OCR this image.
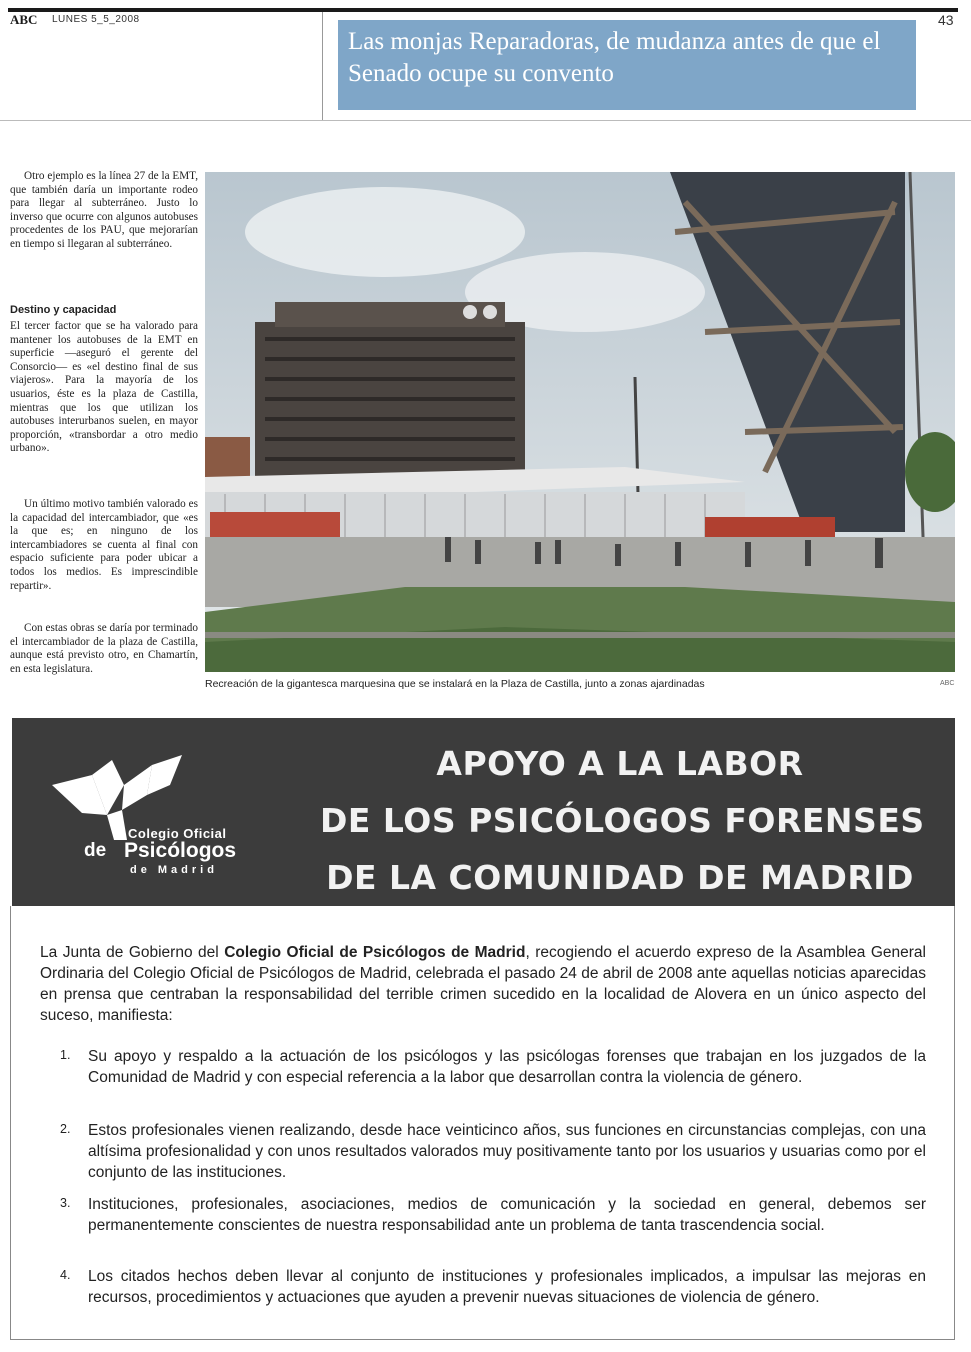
ABC LUNES 5_5_2008	43
Las monjas Reparadoras, de mudanza antes de que el Senado ocupe su convento

Otro ejemplo es la línea 27 de la EMT, que también daría un importante rodeo para llegar al subterráneo. Justo lo inverso que ocurre con algunos autobuses procedentes de los PAU, que mejorarían en tiempo si llegaran al subterráneo.

Destino y capacidad

El tercer factor que se ha valorado para mantener los autobuses de la EMT en superficie —aseguró el gerente del Consorcio— es «el destino final de sus viajeros». Para la mayoría de los usuarios, éste es la plaza de Castilla, mientras que los que utilizan los autobuses interurbanos suelen, en mayor proporción, «transbordar a otro medio urbano».

Un último motivo también valorado es la capacidad del intercambiador, que «es la que es; en ninguno de los intercambiadores se cuenta al final con espacio suficiente para poder ubicar a todos los medios. Es imprescindible repartir».

Con estas obras se daría por terminado el intercambiador de la plaza de Castilla, aunque está previsto otro, en Chamartín, en esta legislatura.

Recreación de la gigantesca marquesina que se instalará en la Plaza de Castilla, junto a zonas ajardinadas	ABC
Colegio Oficial
de Psicólogos
de Madrid
APOYO A LA LABOR
DE LOS PSICÓLOGOS FORENSES
DE LA COMUNIDAD DE MADRID
La Junta de Gobierno del Colegio Oficial de Psicólogos de Madrid, recogiendo el acuerdo expreso de la Asamblea General Ordinaria del Colegio Oficial de Psicólogos de Madrid, celebrada el pasado 24 de abril de 2008 ante aquellas noticias aparecidas en prensa que centraban la responsabilidad del terrible crimen sucedido en la localidad de Alovera en un único aspecto del suceso, manifiesta:
1. Su apoyo y respaldo a la actuación de los psicólogos y las psicólogas forenses que trabajan en los juzgados de la Comunidad de Madrid y con especial referencia a la labor que desarrollan contra la violencia de género.
2. Estos profesionales vienen realizando, desde hace veinticinco años, sus funciones en circunstancias complejas, con una altísima profesionalidad y con unos resultados valorados muy positivamente tanto por los usuarios y usuarias como por el conjunto de las instituciones.
3. Instituciones, profesionales, asociaciones, medios de comunicación y la sociedad en general, debemos ser permanentemente conscientes de nuestra responsabilidad ante un problema de tanta trascendencia social.
4. Los citados hechos deben llevar al conjunto de instituciones y profesionales implicados, a impulsar las mejoras en recursos, procedimientos y actuaciones que ayuden a prevenir nuevas situaciones de violencia de género.
